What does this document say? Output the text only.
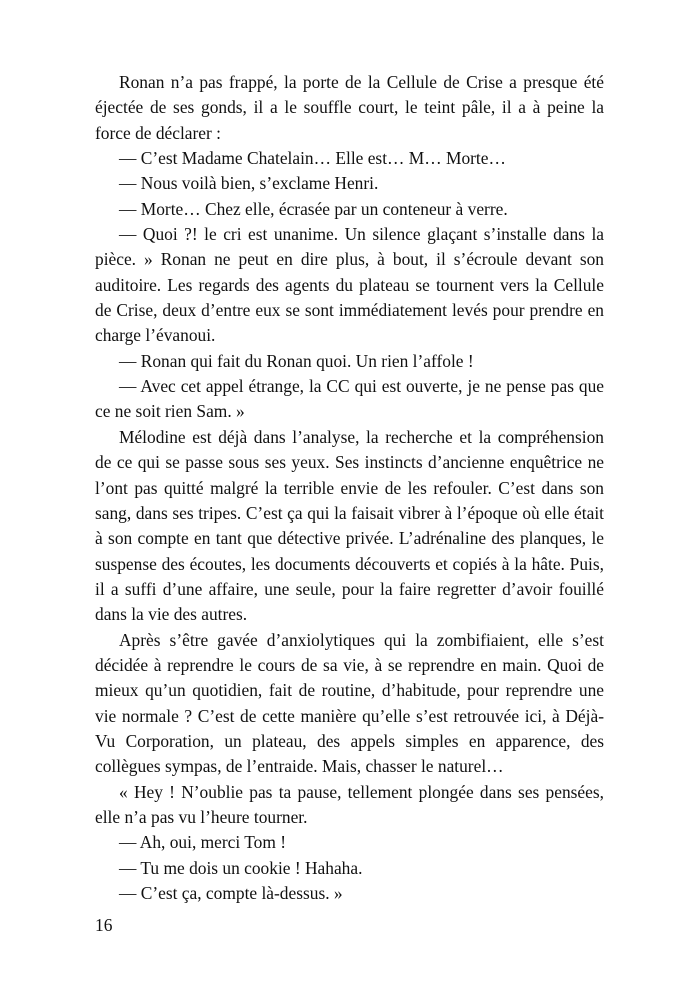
Ronan n’a pas frappé, la porte de la Cellule de Crise a presque été éjectée de ses gonds, il a le souffle court, le teint pâle, il a à peine la force de déclarer :

— C’est Madame Chatelain… Elle est… M… Morte…

— Nous voilà bien, s’exclame Henri.

— Morte… Chez elle, écrasée par un conteneur à verre.

— Quoi ?! le cri est unanime. Un silence glaçant s’installe dans la pièce. » Ronan ne peut en dire plus, à bout, il s’écroule devant son auditoire. Les regards des agents du plateau se tournent vers la Cellule de Crise, deux d’entre eux se sont immédiatement levés pour prendre en charge l’évanoui.

— Ronan qui fait du Ronan quoi. Un rien l’affole !

— Avec cet appel étrange, la CC qui est ouverte, je ne pense pas que ce ne soit rien Sam. »

Mélodine est déjà dans l’analyse, la recherche et la compréhension de ce qui se passe sous ses yeux. Ses instincts d’ancienne enquêtrice ne l’ont pas quitté malgré la terrible envie de les refouler. C’est dans son sang, dans ses tripes. C’est ça qui la faisait vibrer à l’époque où elle était à son compte en tant que détective privée. L’adrénaline des planques, le suspense des écoutes, les documents découverts et copiés à la hâte. Puis, il a suffi d’une affaire, une seule, pour la faire regretter d’avoir fouillé dans la vie des autres.

Après s’être gavée d’anxiolytiques qui la zombifiaient, elle s’est décidée à reprendre le cours de sa vie, à se reprendre en main. Quoi de mieux qu’un quotidien, fait de routine, d’habitude, pour reprendre une vie normale ? C’est de cette manière qu’elle s’est retrouvée ici, à Déjà-Vu Corporation, un plateau, des appels simples en apparence, des collègues sympas, de l’entraide. Mais, chasser le naturel…

« Hey ! N’oublie pas ta pause, tellement plongée dans ses pensées, elle n’a pas vu l’heure tourner.

— Ah, oui, merci Tom !

— Tu me dois un cookie ! Hahaha.

— C’est ça, compte là-dessus. »

16
